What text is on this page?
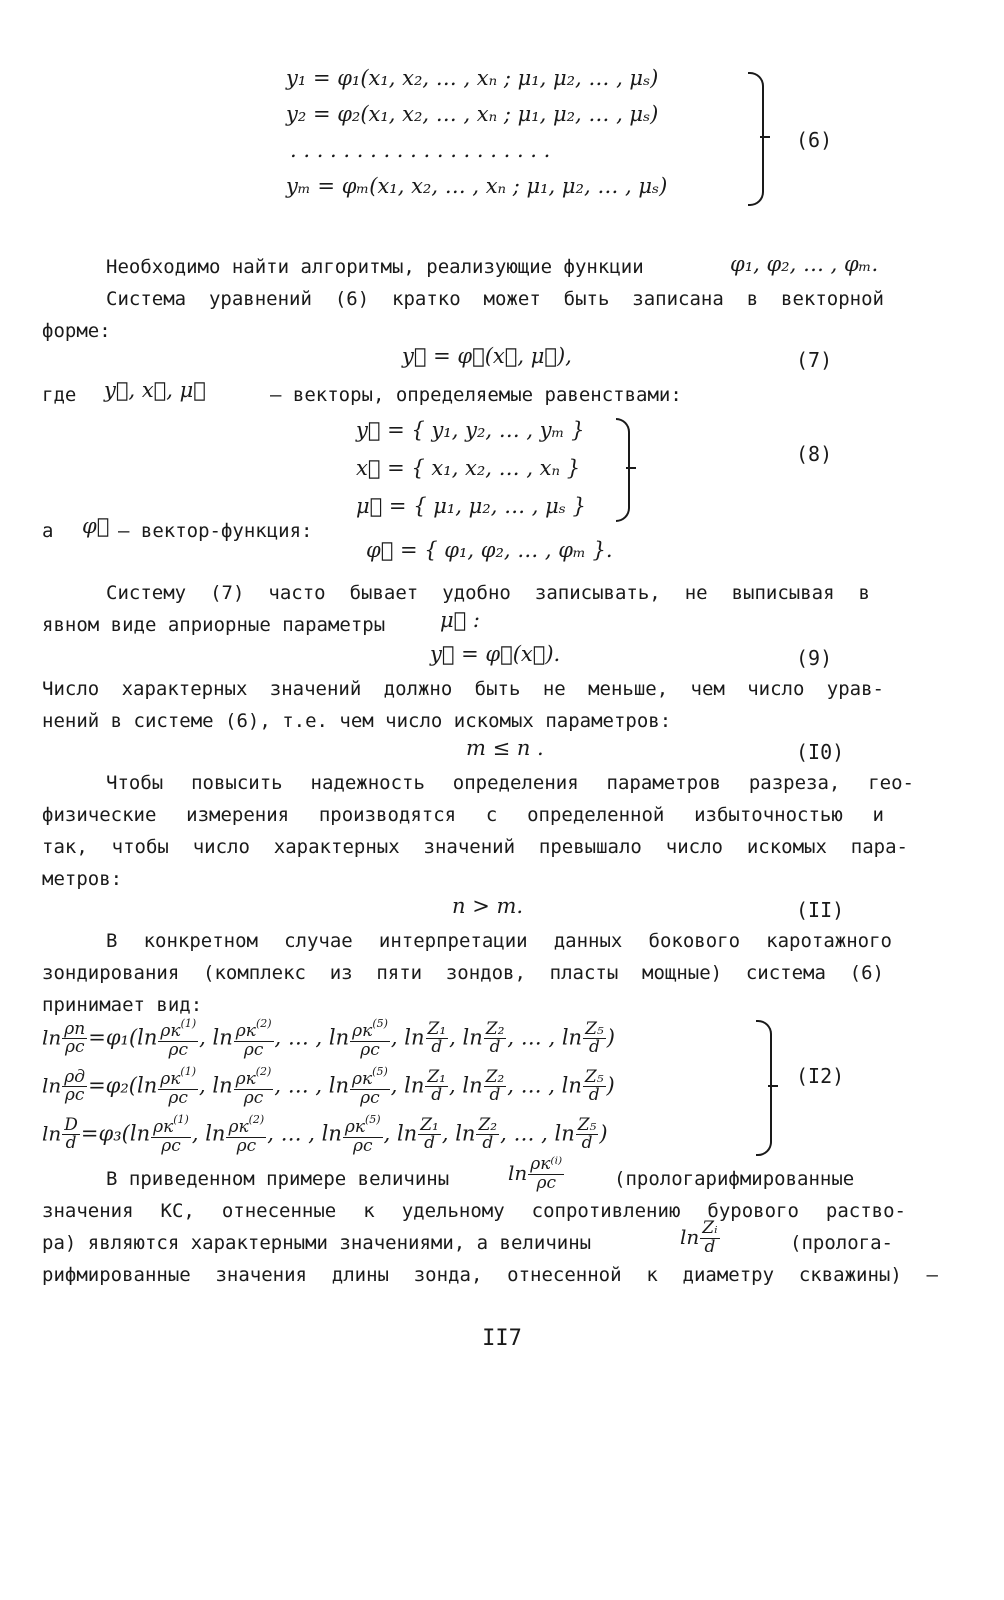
y₁ = φ₁(x₁, x₂, … , xₙ ; μ₁, μ₂, … , μₛ)
y₂ = φ₂(x₁, x₂, … , xₙ ; μ₁, μ₂, … , μₛ)
. . . . . . . . . . . . . . . . . . . .
yₘ = φₘ(x₁, x₂, … , xₙ ; μ₁, μ₂, … , μₛ)
(6)
Необходимо найти алгоритмы, реализующие функции	φ₁, φ₂, … , φₘ.
Система уравнений (6) кратко может быть записана в векторной
форме:
y⃗ = φ⃗(x⃗, μ⃗),	(7)
где y⃗, x⃗, μ⃗	– векторы, определяемые равенствами:
y⃗ = { y₁, y₂, … , yₘ }
x⃗ = { x₁, x₂, … , xₙ }
μ⃗ = { μ₁, μ₂, … , μₛ }
(8)
а φ⃗ – вектор-функция:
φ⃗ = { φ₁, φ₂, … , φₘ }.
Систему (7) часто бывает удобно записывать, не выписывая в
явном виде априорные параметры	μ⃗ :
y⃗ = φ⃗(x⃗).	(9)
Число характерных значений должно быть не меньше, чем число урав-
нений в системе (6), т.е. чем число искомых параметров:
m ≤ n .	(I0)
Чтобы повысить надежность определения параметров разреза, гео-
физические измерения производятся с определенной избыточностью и
так, чтобы число характерных значений превышало число искомых пара-
метров:
n > m.	(II)
В конкретном случае интерпретации данных бокового каротажного
зондирования (комплекс из пяти зондов, пласты мощные) система (6)
принимает вид:
$\ln \frac{\rho п}{\rho с} =\varphi_1(\ln \frac{\rho к^{(1)}}{\rho с}$ , $\ln \frac{\rho к^{(2)}}{\rho с}$ , … , $\ln \frac{\rho к^{(5)}}{\rho с}$ , $\ln \frac{\text{Z₁}}{d}$ , $\ln \frac{\text{Z₂}}{d}$ , … , $\ln \frac{\text{Z₅}}{d}$ )
$\ln \frac{\rho д}{\rho с} =\varphi_2(\ln \frac{\rho к^{(1)}}{\rho с}$ , $\ln \frac{\rho к^{(2)}}{\rho с}$ , … , $\ln \frac{\rho к^{(5)}}{\rho с}$ , $\ln \frac{\text{Z₁}}{d}$ , $\ln \frac{\text{Z₂}}{d}$ , … , $\ln \frac{\text{Z₅}}{d}$ )
$\ln \frac{D}{d} =\varphi_3(\ln \frac{\rho к^{(1)}}{\rho с}$ , $\ln \frac{\rho к^{(2)}}{\rho с}$ , … , $\ln \frac{\rho к^{(5)}}{\rho с}$ , $\ln \frac{\text{Z₁}}{d}$ , $\ln \frac{\text{Z₂}}{d}$ , … , $\ln \frac{\text{Z₅}}{d}$ )
(I2)
В приведенном примере величины	$\ln \frac{\text{ρк⁽ⁱ⁾}}{\rho с}$	(прологарифмированные
значения КС, отнесенные к удельному сопротивлению бурового раство-
ра) являются характерными значениями, а величины	$\ln \frac{\text{Zᵢ}}{d}$	(пролога-
рифмированные значения длины зонда, отнесенной к диаметру скважины) –
II7
